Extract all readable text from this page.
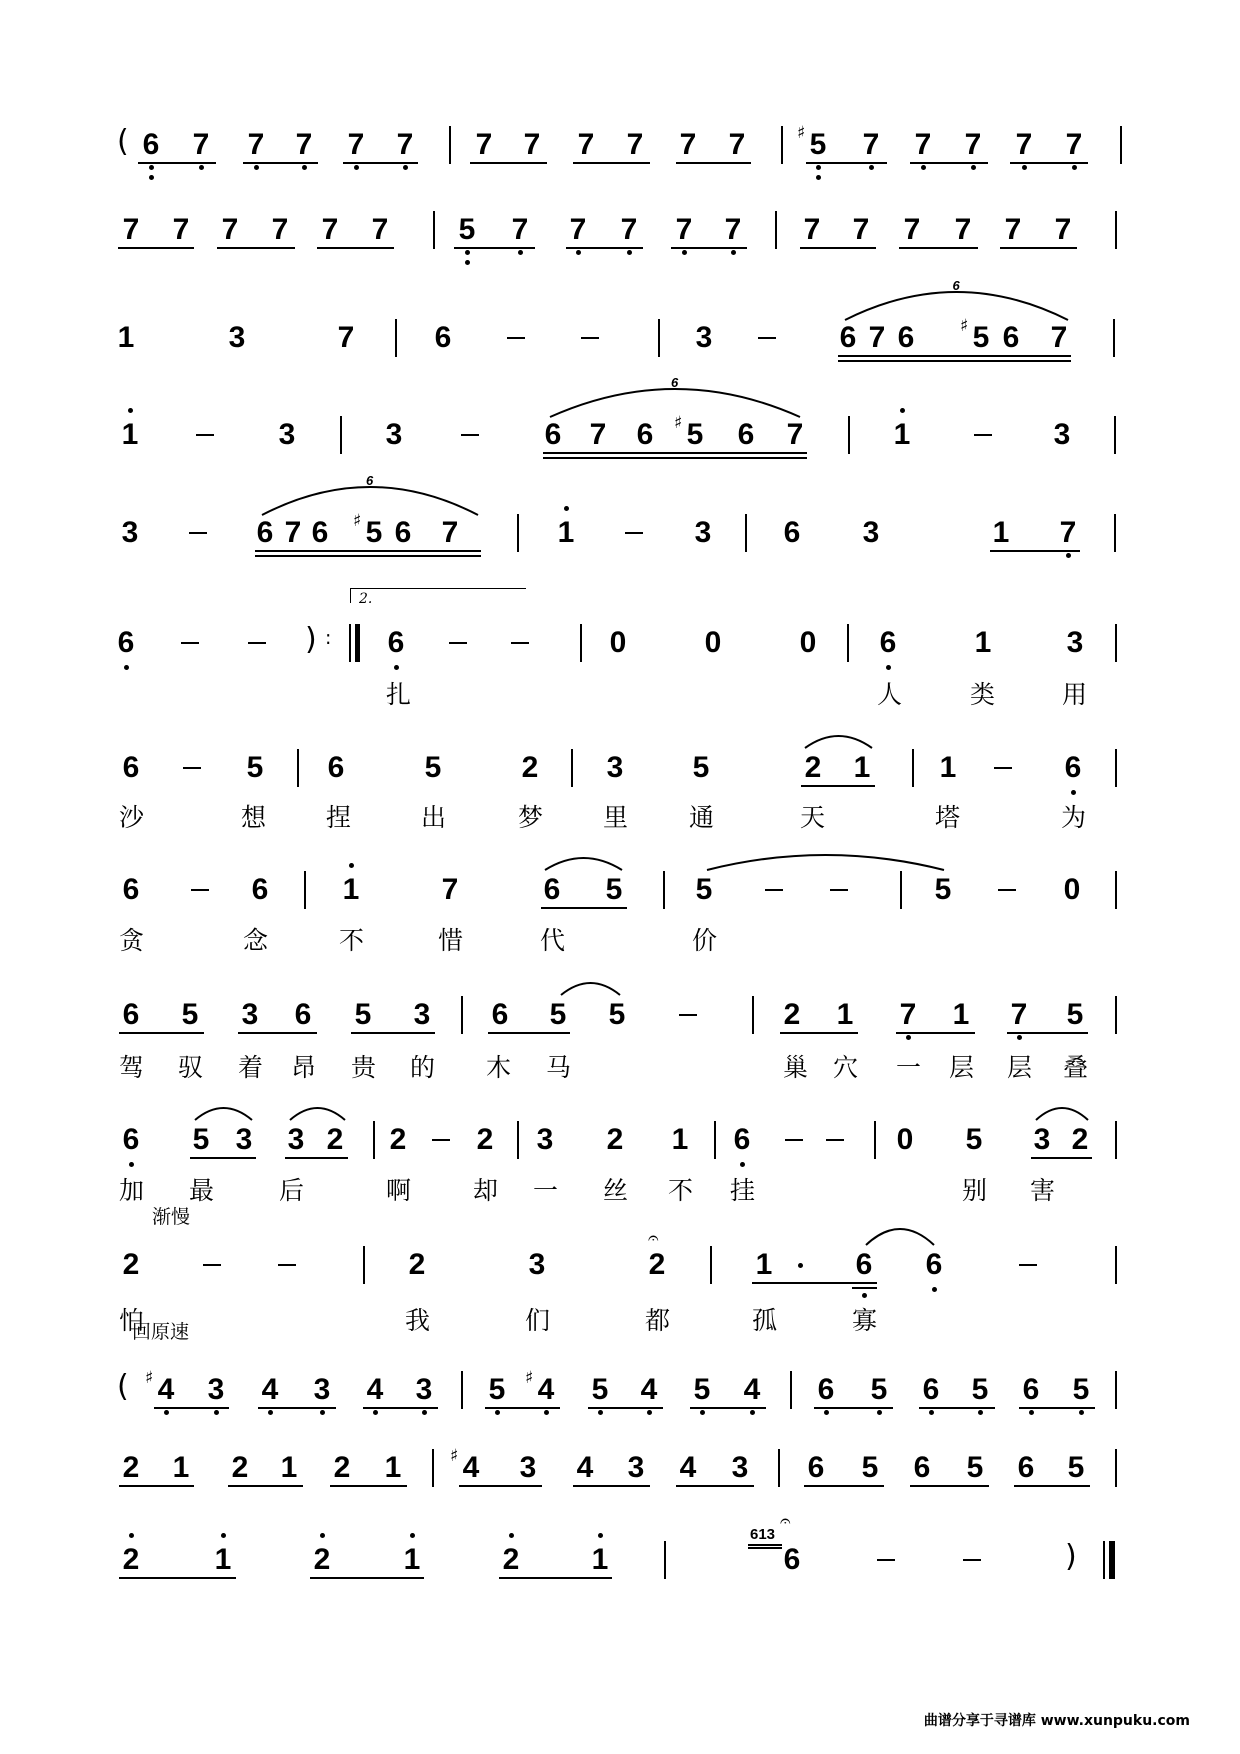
( 6 7 7 7 7 7 7 7 7 7 7 7 5 7 7 7 7 7
♯
7 7 7 7 7 7 5 7 7 7 7 7 7 7 7 7 7 7
1	3	7	6	3	6 7 6 5 6 7
♯
6
1	3	3	6 7 6 5 6 7
♯
6
1	3
3	6 7 6 5 6 7
♯
6
1	3 6 3	1 7
6	) :
2.
6	0	0	0 6	1	3
扎	人	类	用
6	5 6	5	2 3 5	2 1 1	6
沙	想 捏	出	梦 里 通	天	塔	为
6	6 1	7	6 5 5	5	0
贪	念	不	惜	代	价
6 5 3 6 5 3 6 5 5	2 1 7 1 7 5
驾 驭 着 昂 贵 的 木 马	巢 穴 一 层 层 叠
6 5 3 3 2 2 2 3 2 1 6	0 5 3 2
加 最	后	啊 却 一 丝 不 挂	别 害
2	2	3	2
𝄐
1	6 6
怕	我	们	都	孤	寡
( 4 3 4 3 4 3
♯	5 4 5 4 5 4
♯	6 5 6 5 6 5
2 1 2 1 2 1 4 3 4 3 4 3
♯	6 5 6 5 6 5
2	1	2 1	2 1
613
𝄐
6	)
渐慢
回原速
曲谱分享于寻谱库 www.xunpuku.com
